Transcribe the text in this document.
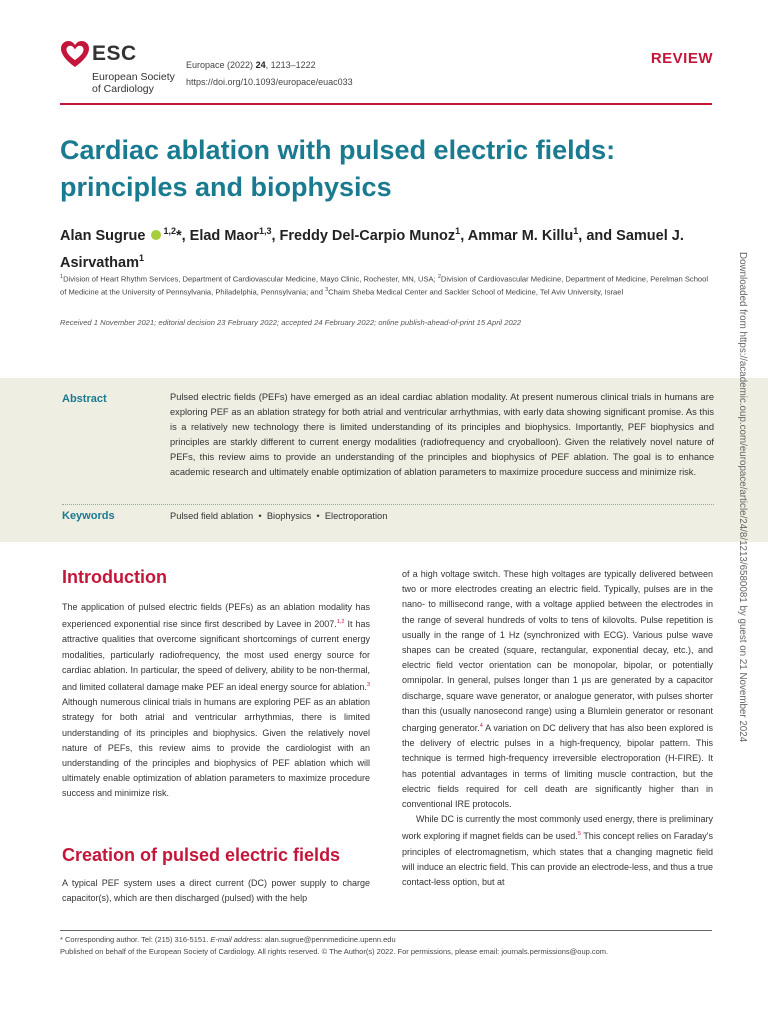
ESC
European Society
of Cardiology
Europace (2022) 24, 1213–1222
https://doi.org/10.1093/europace/euac033
REVIEW
Cardiac ablation with pulsed electric fields: principles and biophysics
Alan Sugrue $^{1,2}$*, Elad Maor$^{1,3}$, Freddy Del-Carpio Munoz$^1$, Ammar M. Killu$^1$, and Samuel J. Asirvatham$^1$
$^1$Division of Heart Rhythm Services, Department of Cardiovascular Medicine, Mayo Clinic, Rochester, MN, USA; $^2$Division of Cardiovascular Medicine, Department of Medicine, Perelman School of Medicine at the University of Pennsylvania, Philadelphia, Pennsylvania; and $^3$Chaim Sheba Medical Center and Sackler School of Medicine, Tel Aviv University, Israel
Received 1 November 2021; editorial decision 23 February 2022; accepted 24 February 2022; online publish-ahead-of-print 15 April 2022
Abstract	Pulsed electric fields (PEFs) have emerged as an ideal cardiac ablation modality. At present numerous clinical trials in humans are exploring PEF as an ablation strategy for both atrial and ventricular arrhythmias, with early data showing significant promise. As this is a relatively new technology there is limited understanding of its principles and biophysics. Importantly, PEF biophysics and principles are starkly different to current energy modalities (radiofrequency and cryoballoon). Given the relatively novel nature of PEFs, this review aims to provide an understanding of the principles and biophysics of PEF ablation. The goal is to enhance academic research and ultimately enable optimization of ablation parameters to maximize procedure success and minimize risk.
Keywords	Pulsed field ablation  •  Biophysics  •  Electroporation
Introduction
The application of pulsed electric fields (PEFs) as an ablation modality has experienced exponential rise since first described by Lavee in 2007.$^{1,2}$ It has attractive qualities that overcome significant shortcomings of current energy modalities, particularly radiofrequency, the most used energy source for cardiac ablation. In particular, the speed of delivery, ability to be non-thermal, and limited collateral damage make PEF an ideal energy source for ablation.$^3$ Although numerous clinical trials in humans are exploring PEF as an ablation strategy for both atrial and ventricular arrhythmias, there is limited understanding of its principles and biophysics. Given the relatively novel nature of PEFs, this review aims to provide the cardiologist with an understanding of the principles and biophysics of PEF ablation which will ultimately enable optimization of ablation parameters to maximize procedure success and minimize risk.
Creation of pulsed electric fields
A typical PEF system uses a direct current (DC) power supply to charge capacitor(s), which are then discharged (pulsed) with the help

of a high voltage switch. These high voltages are typically delivered between two or more electrodes creating an electric field. Typically, pulses are in the nano- to millisecond range, with a voltage applied between the electrodes in the range of several hundreds of volts to tens of kilovolts. Pulse repetition is usually in the range of 1 Hz (synchronized with ECG). Various pulse wave shapes can be created (square, rectangular, exponential decay, etc.), and electric field vector orientation can be monopolar, bipolar, or potentially omnipolar. In general, pulses longer than 1 µs are generated by a capacitor discharge, square wave generator, or analogue generator, with pulses shorter than this (usually nanosecond range) using a Blumlein generator or resonant charging generator.$^4$ A variation on DC delivery that has also been explored is the delivery of electric pulses in a high-frequency, bipolar pattern. This technique is termed high-frequency irreversible electroporation (H-FIRE). It has potential advantages in terms of limiting muscle contraction, but the electric fields required for cell death are significantly higher than in conventional IRE protocols.

While DC is currently the most commonly used energy, there is preliminary work exploring if magnet fields can be used.$^5$ This concept relies on Faraday's principles of electromagnetism, which states that a changing magnetic field will induce an electric field. This can provide an electrode-less, and thus a true contact-less option, but at

* Corresponding author. Tel: (215) 316-5151. E-mail address: alan.sugrue@pennmedicine.upenn.edu
Published on behalf of the European Society of Cardiology. All rights reserved. © The Author(s) 2022. For permissions, please email: journals.permissions@oup.com.
Downloaded from https://academic.oup.com/europace/article/24/8/1213/6580081 by guest on 21 November 2024
